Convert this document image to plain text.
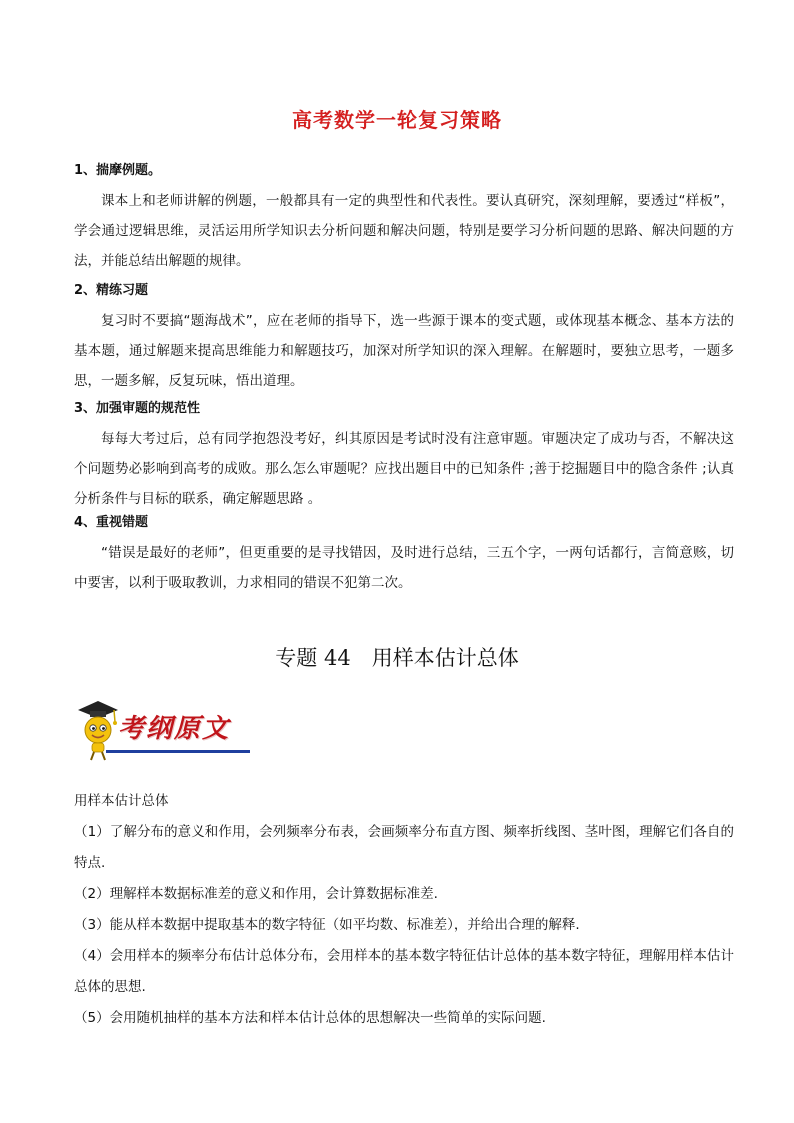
高考数学一轮复习策略
1、揣摩例题。
课本上和老师讲解的例题，一般都具有一定的典型性和代表性。要认真研究，深刻理解，要透过“样板”，学会通过逻辑思维，灵活运用所学知识去分析问题和解决问题，特别是要学习分析问题的思路、解决问题的方法，并能总结出解题的规律。
2、精练习题
复习时不要搞“题海战术”，应在老师的指导下，选一些源于课本的变式题，或体现基本概念、基本方法的基本题，通过解题来提高思维能力和解题技巧，加深对所学知识的深入理解。在解题时，要独立思考，一题多思，一题多解，反复玩味，悟出道理。
3、加强审题的规范性
每每大考过后，总有同学抱怨没考好，纠其原因是考试时没有注意审题。审题决定了成功与否，不解决这个问题势必影响到高考的成败。那么怎么审题呢？应找出题目中的已知条件 ;善于挖掘题目中的隐含条件 ;认真分析条件与目标的联系，确定解题思路 。
4、重视错题
“错误是最好的老师”，但更重要的是寻找错因，及时进行总结，三五个字，一两句话都行，言简意赅，切中要害，以利于吸取教训，力求相同的错误不犯第二次。
专题 44　用样本估计总体
考纲原文
用样本估计总体
（1）了解分布的意义和作用，会列频率分布表，会画频率分布直方图、频率折线图、茎叶图，理解它们各自的特点.
（2）理解样本数据标准差的意义和作用，会计算数据标准差.
（3）能从样本数据中提取基本的数字特征（如平均数、标准差），并给出合理的解释.
（4）会用样本的频率分布估计总体分布，会用样本的基本数字特征估计总体的基本数字特征，理解用样本估计总体的思想.
（5）会用随机抽样的基本方法和样本估计总体的思想解决一些简单的实际问题.
